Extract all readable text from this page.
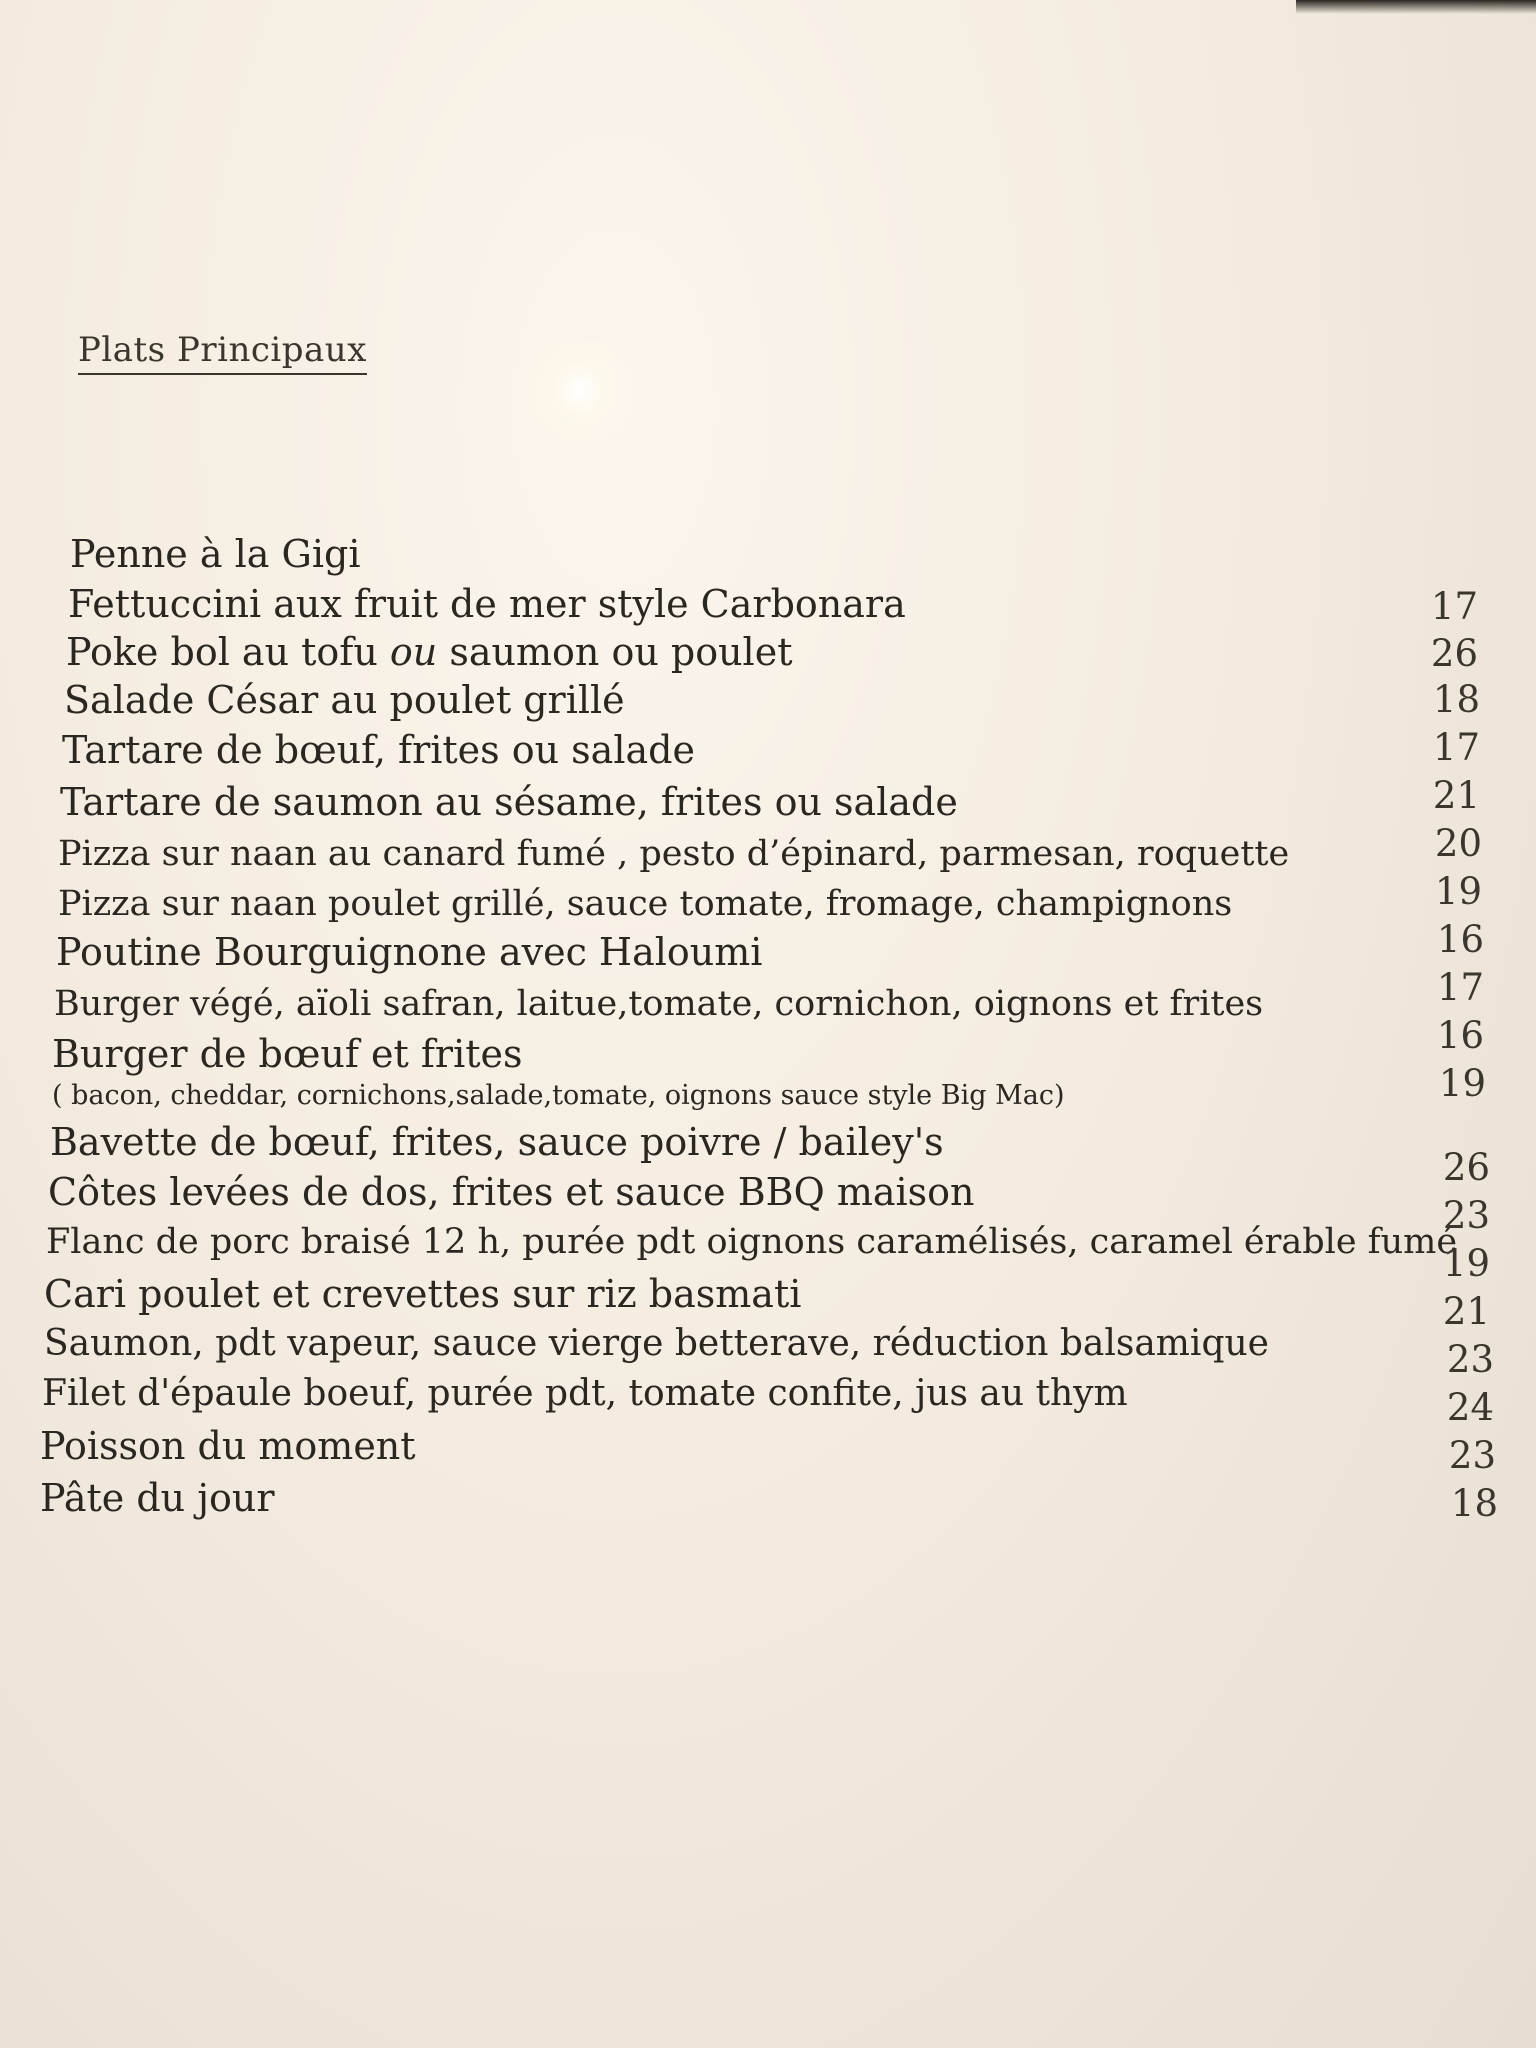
Plats Principaux
Penne à la Gigi
Fettuccini aux fruit de mer style Carbonara
Poke bol au tofu ou saumon ou poulet
Salade César au poulet grillé
Tartare de bœuf, frites ou salade
Tartare de saumon au sésame, frites ou salade
Pizza sur naan au canard fumé , pesto d’épinard, parmesan, roquette
Pizza sur naan poulet grillé, sauce tomate, fromage, champignons
Poutine Bourguignone avec Haloumi
Burger végé, aïoli safran, laitue,tomate, cornichon, oignons et frites
Burger de bœuf et frites
( bacon, cheddar, cornichons,salade,tomate, oignons sauce style Big Mac)
Bavette de bœuf, frites, sauce poivre / bailey's
Côtes levées de dos, frites et sauce BBQ maison
Flanc de porc braisé 12 h, purée pdt oignons caramélisés, caramel érable fumé
Cari poulet et crevettes sur riz basmati
Saumon, pdt vapeur, sauce vierge betterave, réduction balsamique
Filet d'épaule boeuf, purée pdt, tomate confite, jus au thym
Poisson du moment
Pâte du jour
17
26
18
17
21
20
19
16
17
16
19
26
23
19
21
23
24
23
18
